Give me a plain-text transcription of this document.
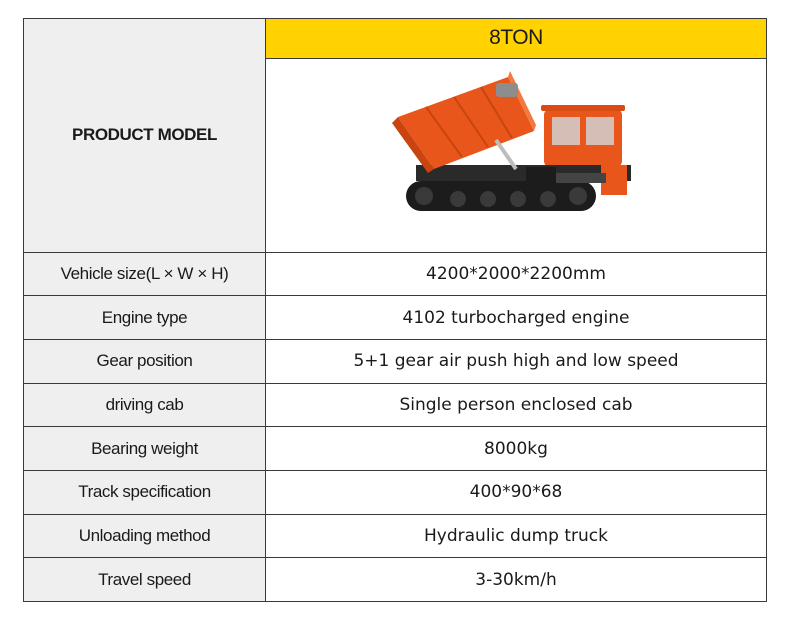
PRODUCT MODEL	8TON

Vehicle size(L × W × H)	4200*2000*2200mm
Engine type	4102 turbocharged engine
Gear position	5+1 gear air push high and low speed
driving cab	Single person enclosed cab
Bearing weight	8000kg
Track specification	400*90*68
Unloading method	Hydraulic dump truck
Travel speed	3-30km/h
